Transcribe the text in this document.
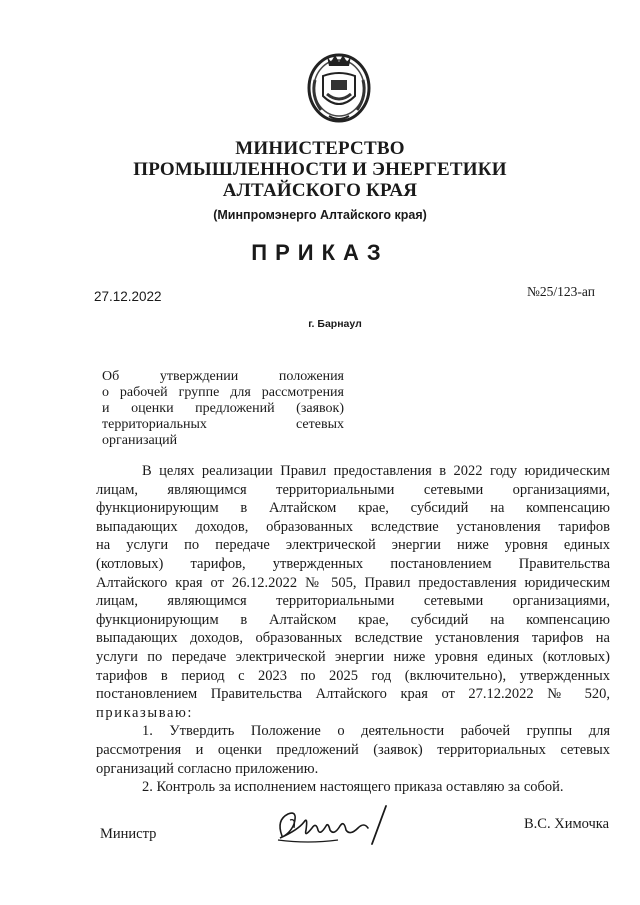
МИНИСТЕРСТВО
ПРОМЫШЛЕННОСТИ И ЭНЕРГЕТИКИ
АЛТАЙСКОГО КРАЯ
(Минпромэнерго Алтайского края)
ПРИКАЗ
27.12.2022	№25/123-ап
г. Барнаул
Об утверждении положения
о рабочей группе для рассмотрения
и оценки предложений (заявок)
территориальных сетевых
организаций
В целях реализации Правил предоставления в 2022 году юридическим
лицам, являющимся территориальными сетевыми организациями,
функционирующим в Алтайском крае, субсидий на компенсацию
выпадающих доходов, образованных вследствие установления тарифов
на услуги по передаче электрической энергии ниже уровня единых
(котловых) тарифов, утвержденных постановлением Правительства
Алтайского края от 26.12.2022 № 505, Правил предоставления юридическим
лицам, являющимся территориальными сетевыми организациями,
функционирующим в Алтайском крае, субсидий на компенсацию
выпадающих доходов, образованных вследствие установления тарифов на
услуги по передаче электрической энергии ниже уровня единых (котловых)
тарифов в период с 2023 по 2025 год (включительно), утвержденных
постановлением Правительства Алтайского края от 27.12.2022 № 520,
приказываю:
1. Утвердить Положение о деятельности рабочей группы для
рассмотрения и оценки предложений (заявок) территориальных сетевых
организаций согласно приложению.
2. Контроль за исполнением настоящего приказа оставляю за собой.
Министр
В.С. Химочка
